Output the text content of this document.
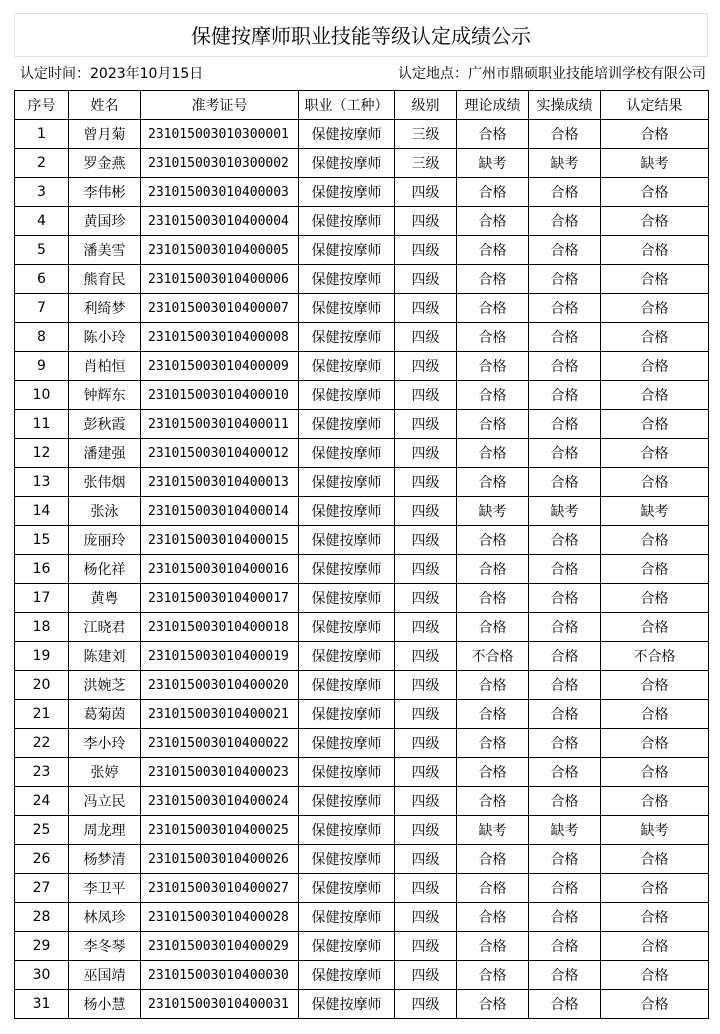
保健按摩师职业技能等级认定成绩公示
认定时间：2023年10月15日	认定地点：广州市鼎硕职业技能培训学校有限公司
序号	姓名	准考证号	职业（工种）	级别	理论成绩	实操成绩	认定结果
1	曾月菊	231015003010300001	保健按摩师	三级	合格	合格	合格
2	罗金燕	231015003010300002	保健按摩师	三级	缺考	缺考	缺考
3	李伟彬	231015003010400003	保健按摩师	四级	合格	合格	合格
4	黄国珍	231015003010400004	保健按摩师	四级	合格	合格	合格
5	潘美雪	231015003010400005	保健按摩师	四级	合格	合格	合格
6	熊育民	231015003010400006	保健按摩师	四级	合格	合格	合格
7	利绮梦	231015003010400007	保健按摩师	四级	合格	合格	合格
8	陈小玲	231015003010400008	保健按摩师	四级	合格	合格	合格
9	肖柏恒	231015003010400009	保健按摩师	四级	合格	合格	合格
10	钟辉东	231015003010400010	保健按摩师	四级	合格	合格	合格
11	彭秋霞	231015003010400011	保健按摩师	四级	合格	合格	合格
12	潘建强	231015003010400012	保健按摩师	四级	合格	合格	合格
13	张伟烟	231015003010400013	保健按摩师	四级	合格	合格	合格
14	张泳	231015003010400014	保健按摩师	四级	缺考	缺考	缺考
15	庞丽玲	231015003010400015	保健按摩师	四级	合格	合格	合格
16	杨化祥	231015003010400016	保健按摩师	四级	合格	合格	合格
17	黄粤	231015003010400017	保健按摩师	四级	合格	合格	合格
18	江晓君	231015003010400018	保健按摩师	四级	合格	合格	合格
19	陈建刘	231015003010400019	保健按摩师	四级	不合格	合格	不合格
20	洪婉芝	231015003010400020	保健按摩师	四级	合格	合格	合格
21	葛菊茵	231015003010400021	保健按摩师	四级	合格	合格	合格
22	李小玲	231015003010400022	保健按摩师	四级	合格	合格	合格
23	张婷	231015003010400023	保健按摩师	四级	合格	合格	合格
24	冯立民	231015003010400024	保健按摩师	四级	合格	合格	合格
25	周龙理	231015003010400025	保健按摩师	四级	缺考	缺考	缺考
26	杨梦清	231015003010400026	保健按摩师	四级	合格	合格	合格
27	李卫平	231015003010400027	保健按摩师	四级	合格	合格	合格
28	林凤珍	231015003010400028	保健按摩师	四级	合格	合格	合格
29	李冬琴	231015003010400029	保健按摩师	四级	合格	合格	合格
30	巫国靖	231015003010400030	保健按摩师	四级	合格	合格	合格
31	杨小慧	231015003010400031	保健按摩师	四级	合格	合格	合格
